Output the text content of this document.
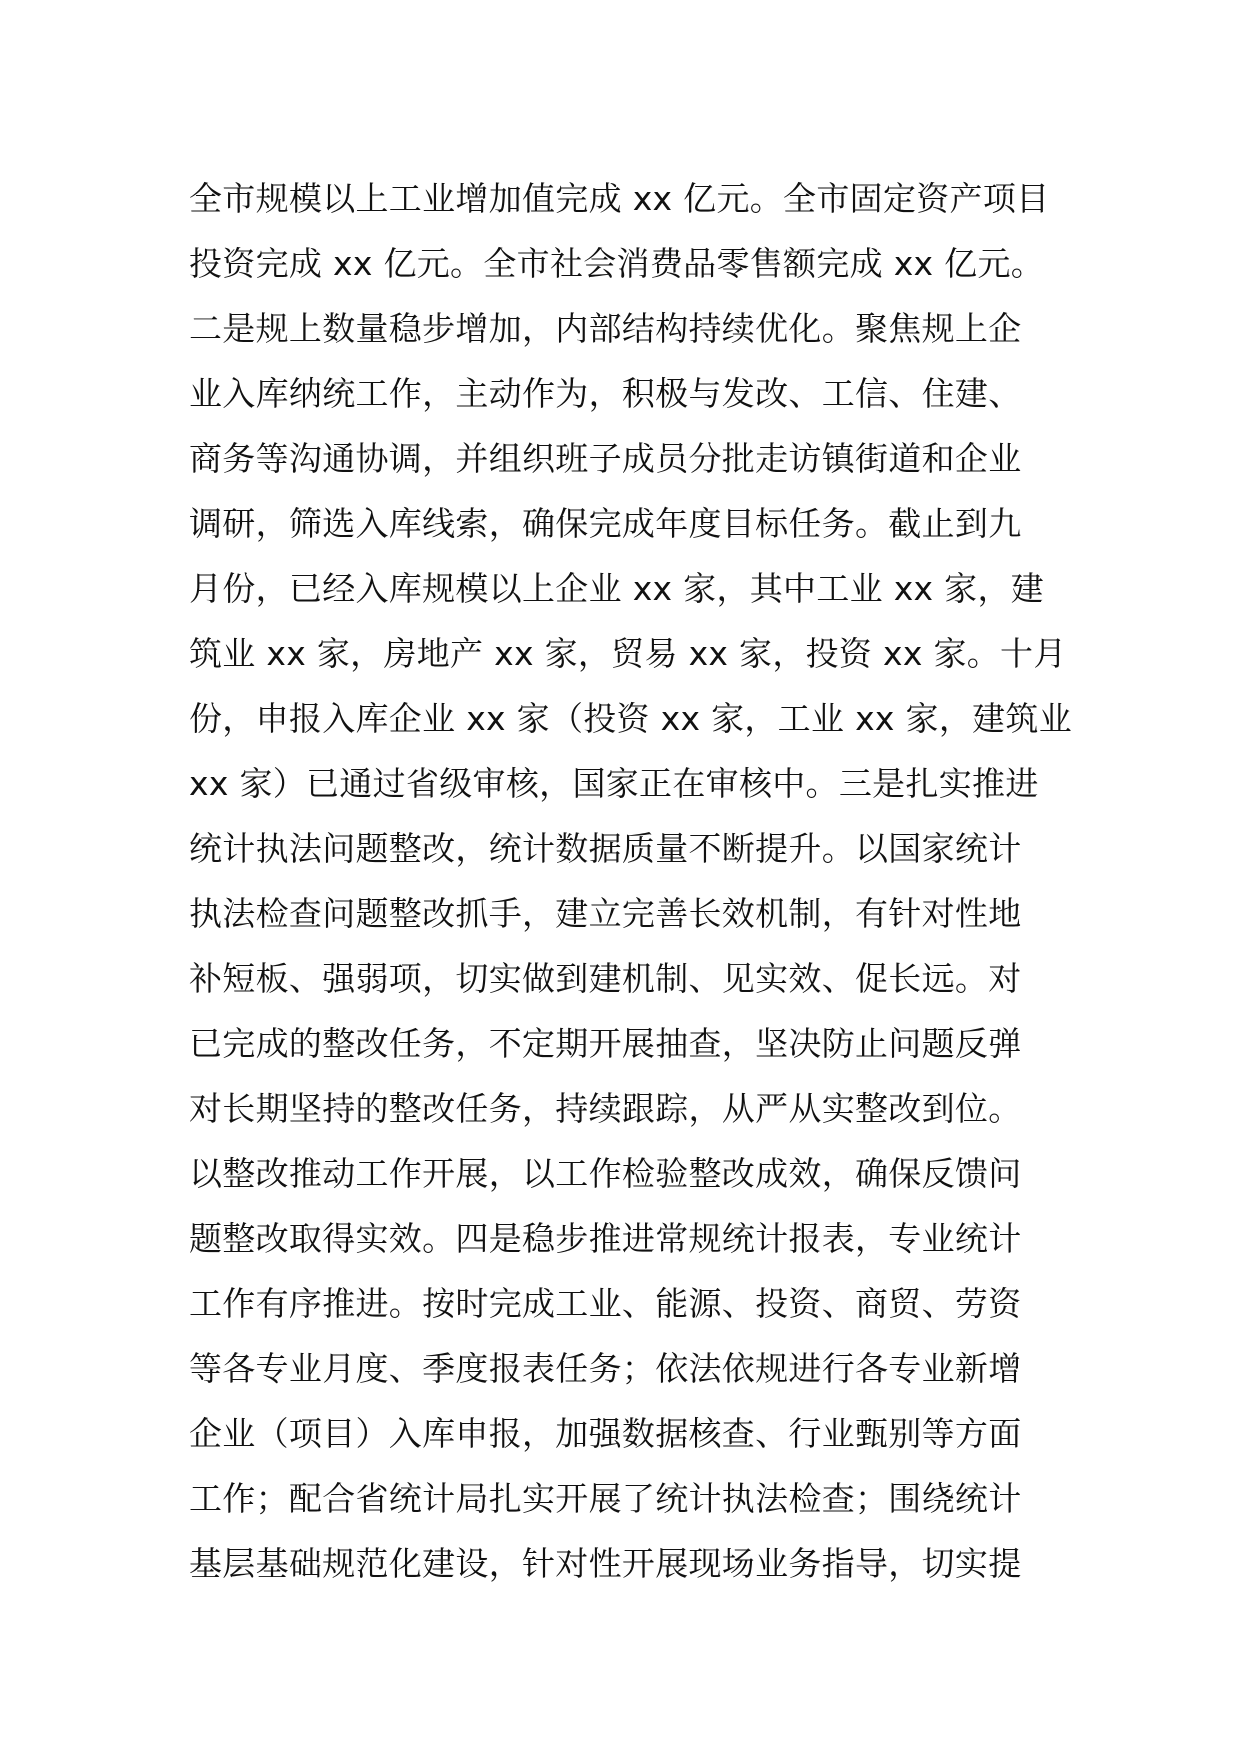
全市规模以上工业增加值完成 xx 亿元。全市固定资产项目
投资完成 xx 亿元。全市社会消费品零售额完成 xx 亿元。
二是规上数量稳步增加，内部结构持续优化。聚焦规上企
业入库纳统工作，主动作为，积极与发改、工信、住建、
商务等沟通协调，并组织班子成员分批走访镇街道和企业
调研，筛选入库线索，确保完成年度目标任务。截止到九
月份，已经入库规模以上企业 xx 家，其中工业 xx 家，建
筑业 xx 家，房地产 xx 家，贸易 xx 家，投资 xx 家。十月
份，申报入库企业 xx 家（投资 xx 家，工业 xx 家，建筑业
xx 家）已通过省级审核，国家正在审核中。三是扎实推进
统计执法问题整改，统计数据质量不断提升。以国家统计
执法检查问题整改抓手，建立完善长效机制，有针对性地
补短板、强弱项，切实做到建机制、见实效、促长远。对
已完成的整改任务，不定期开展抽查，坚决防止问题反弹
对长期坚持的整改任务，持续跟踪，从严从实整改到位。
以整改推动工作开展，以工作检验整改成效，确保反馈问
题整改取得实效。四是稳步推进常规统计报表，专业统计
工作有序推进。按时完成工业、能源、投资、商贸、劳资
等各专业月度、季度报表任务；依法依规进行各专业新增
企业（项目）入库申报，加强数据核查、行业甄别等方面
工作；配合省统计局扎实开展了统计执法检查；围绕统计
基层基础规范化建设，针对性开展现场业务指导，切实提
